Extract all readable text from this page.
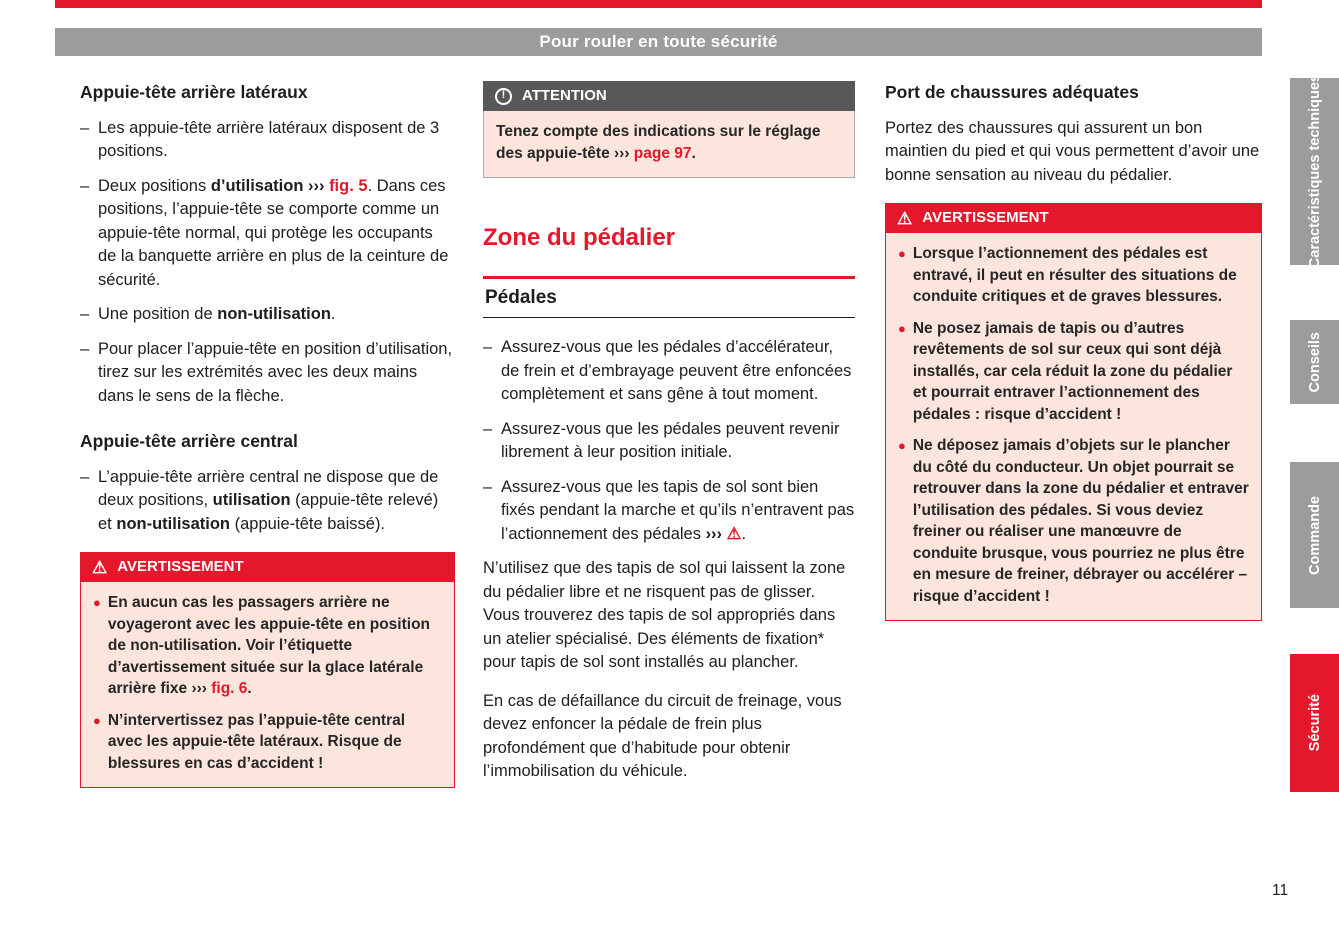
Pour rouler en toute sécurité
Appuie-tête arrière latéraux
– Les appuie-tête arrière latéraux disposent de 3 positions.
– Deux positions d’utilisation ››› fig. 5. Dans ces positions, l’appuie-tête se comporte comme un appuie-tête normal, qui protège les occupants de la banquette arrière en plus de la ceinture de sécurité.
– Une position de non-utilisation.
– Pour placer l’appuie-tête en position d’utilisation, tirez sur les extrémités avec les deux mains dans le sens de la flèche.
Appuie-tête arrière central
– L’appuie-tête arrière central ne dispose que de deux positions, utilisation (appuie-tête relevé) et non-utilisation (appuie-tête baissé).
⚠ AVERTISSEMENT

● En aucun cas les passagers arrière ne voyageront avec les appuie-tête en position de non-utilisation. Voir l’étiquette d’avertissement située sur la glace latérale arrière fixe ››› fig. 6.

● N’intervertissez pas l’appuie-tête central avec les appuie-tête latéraux. Risque de blessures en cas d’accident !

!	ATTENTION
Tenez compte des indications sur le réglage des appuie-tête ››› page 97.
Zone du pédalier
Pédales
– Assurez-vous que les pédales d’accélérateur, de frein et d’embrayage peuvent être enfoncées complètement et sans gêne à tout moment.
– Assurez-vous que les pédales peuvent revenir librement à leur position initiale.
– Assurez-vous que les tapis de sol sont bien fixés pendant la marche et qu’ils n’entravent pas l’actionnement des pédales ››› ⚠.

N’utilisez que des tapis de sol qui laissent la zone du pédalier libre et ne risquent pas de glisser. Vous trouverez des tapis de sol appropriés dans un atelier spécialisé. Des éléments de fixation* pour tapis de sol sont installés au plancher.

En cas de défaillance du circuit de freinage, vous devez enfoncer la pédale de frein plus profondément que d’habitude pour obtenir l’immobilisation du véhicule.

Port de chaussures adéquates

Portez des chaussures qui assurent un bon maintien du pied et qui vous permettent d’avoir une bonne sensation au niveau du pédalier.

⚠ AVERTISSEMENT

● Lorsque l’actionnement des pédales est entravé, il peut en résulter des situations de conduite critiques et de graves blessures.

● Ne posez jamais de tapis ou d’autres revêtements de sol sur ceux qui sont déjà installés, car cela réduit la zone du pédalier et pourrait entraver l’actionnement des pédales : risque d’accident !

● Ne déposez jamais d’objets sur le plancher du côté du conducteur. Un objet pourrait se retrouver dans la zone du pédalier et entraver l’utilisation des pédales. Si vous deviez freiner ou réaliser une manœuvre de conduite brusque, vous pourriez ne plus être en mesure de freiner, débrayer ou accélérer – risque d’accident !

Caractéristiques techniques
Conseils
Commande
Sécurité
11
